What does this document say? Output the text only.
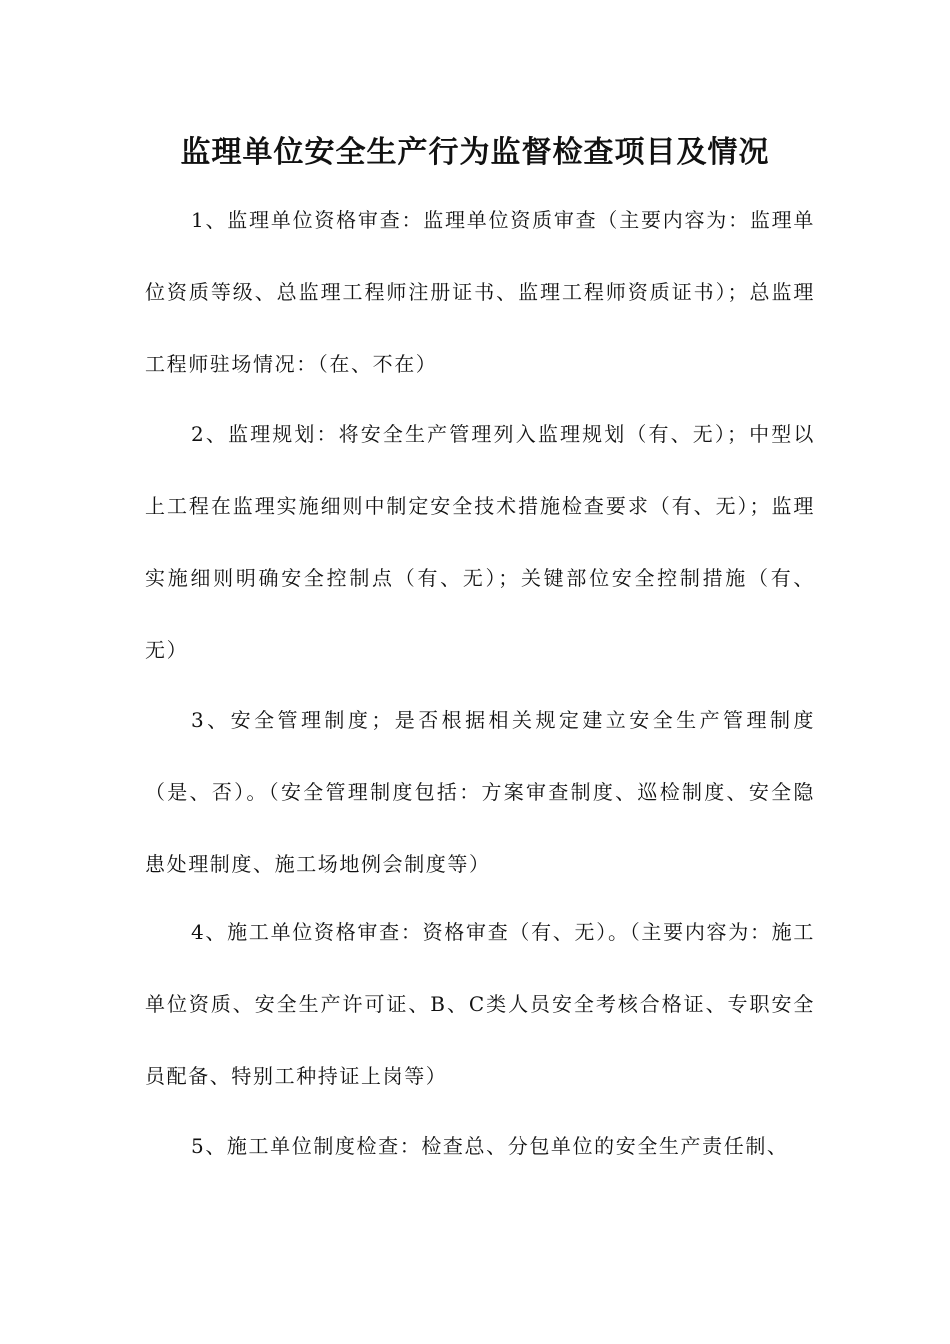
监理单位安全生产行为监督检查项目及情况

1、监理单位资格审查：监理单位资质审查（主要内容为：监理单位资质等级、总监理工程师注册证书、监理工程师资质证书）；总监理工程师驻场情况：（在、不在）

2、监理规划：将安全生产管理列入监理规划（有、无）；中型以上工程在监理实施细则中制定安全技术措施检查要求（有、无）；监理实施细则明确安全控制点（有、无）；关键部位安全控制措施（有、无）

3、安全管理制度；是否根据相关规定建立安全生产管理制度（是、否）。（安全管理制度包括：方案审查制度、巡检制度、安全隐患处理制度、施工场地例会制度等）

4、施工单位资格审查：资格审查（有、无）。（主要内容为：施工单位资质、安全生产许可证、B、C类人员安全考核合格证、专职安全员配备、特别工种持证上岗等）

5、施工单位制度检查：检查总、分包单位的安全生产责任制、
